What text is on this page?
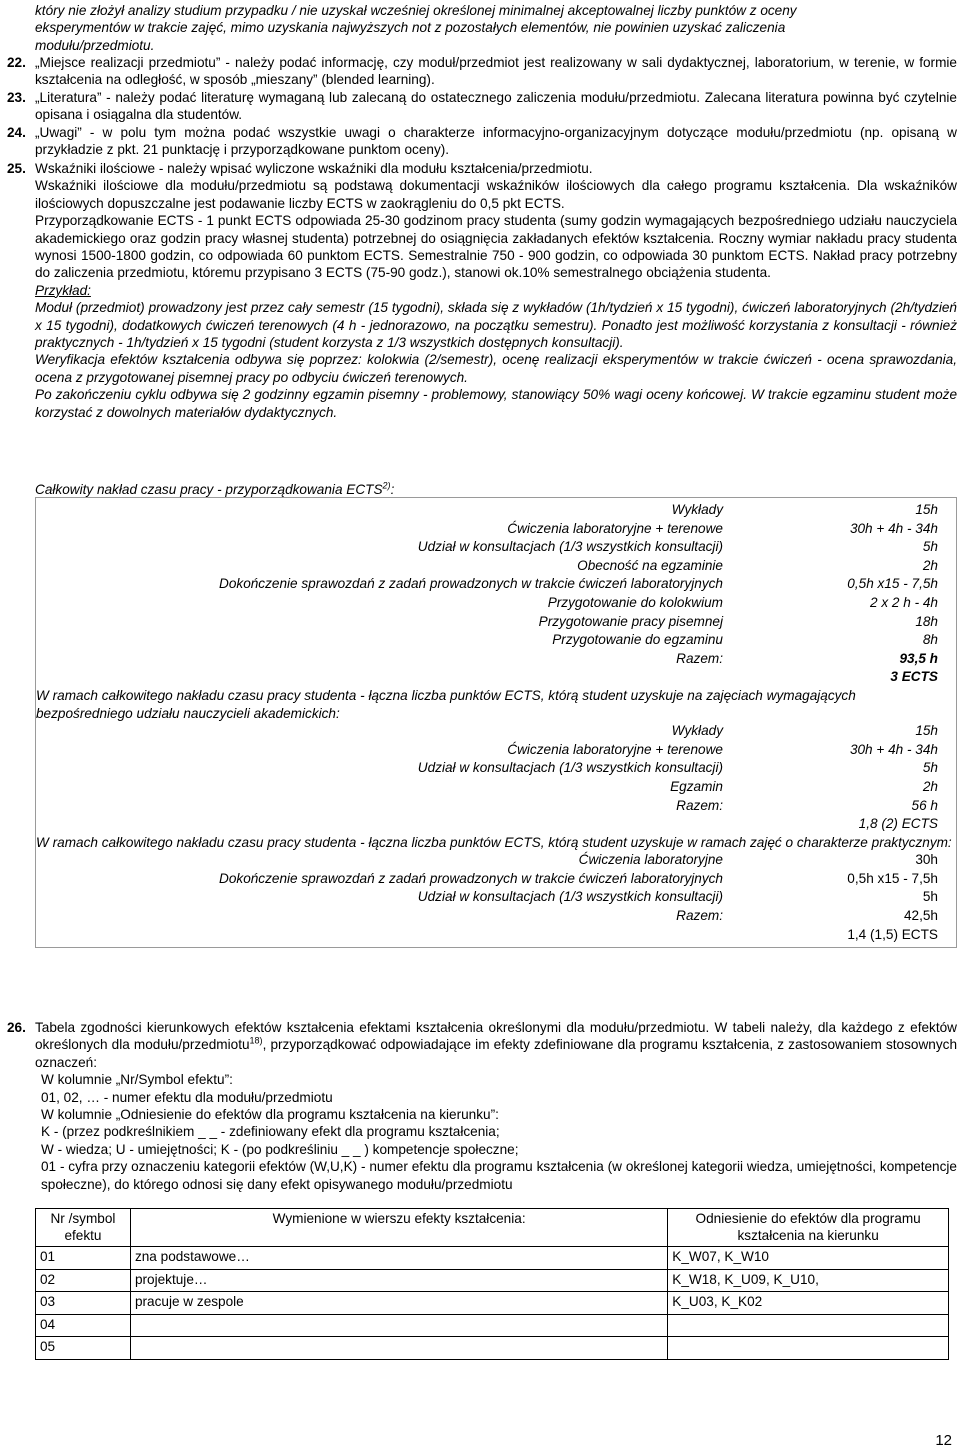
który nie złożył analizy studium przypadku / nie uzyskał wcześniej określonej minimalnej akceptowalnej liczby punktów z oceny
eksperymentów w trakcie zajęć, mimo uzyskania najwyższych not z pozostałych elementów, nie powinien uzyskać zaliczenia
modułu/przedmiotu.
22. „Miejsce realizacji przedmiotu” - należy podać informację, czy moduł/przedmiot jest realizowany w sali dydaktycznej, laboratorium, w terenie, w formie kształcenia na odległość, w sposób „mieszany” (blended learning).
23. „Literatura” - należy podać literaturę wymaganą lub zalecaną do ostatecznego zaliczenia modułu/przedmiotu. Zalecana literatura powinna być czytelnie opisana i osiągalna dla studentów.
24. „Uwagi” - w polu tym można podać wszystkie uwagi o charakterze informacyjno-organizacyjnym dotyczące modułu/przedmiotu (np. opisaną w przykładzie z pkt. 21 punktację i przyporządkowane punktom oceny).
25. Wskaźniki ilościowe - należy wpisać wyliczone wskaźniki dla modułu kształcenia/przedmiotu.
Wskaźniki ilościowe dla modułu/przedmiotu są podstawą dokumentacji wskaźników ilościowych dla całego programu kształcenia. Dla wskaźników ilościowych dopuszczalne jest podawanie liczby ECTS w zaokrągleniu do 0,5 pkt ECTS.
Przyporządkowanie ECTS - 1 punkt ECTS odpowiada 25-30 godzinom pracy studenta (sumy godzin wymagających bezpośredniego udziału nauczyciela akademickiego oraz godzin pracy własnej studenta) potrzebnej do osiągnięcia zakładanych efektów kształcenia. Roczny wymiar nakładu pracy studenta wynosi 1500-1800 godzin, co odpowiada 60 punktom ECTS. Semestralnie 750 - 900 godzin, co odpowiada 30 punktom ECTS. Nakład pracy potrzebny do zaliczenia przedmiotu, któremu przypisano 3 ECTS (75-90 godz.), stanowi ok.10% semestralnego obciążenia studenta.
Przykład:
Moduł (przedmiot) prowadzony jest przez cały semestr (15 tygodni), składa się z wykładów (1h/tydzień x 15 tygodni), ćwiczeń laboratoryjnych (2h/tydzień x 15 tygodni), dodatkowych ćwiczeń terenowych (4 h - jednorazowo, na początku semestru). Ponadto jest możliwość korzystania z konsultacji - również praktycznych - 1h/tydzień x 15 tygodni (student korzysta z 1/3 wszystkich dostępnych konsultacji).
Weryfikacja efektów kształcenia odbywa się poprzez: kolokwia (2/semestr), ocenę realizacji eksperymentów w trakcie ćwiczeń - ocena sprawozdania, ocena z przygotowanej pisemnej pracy po odbyciu ćwiczeń terenowych.
Po zakończeniu cyklu odbywa się 2 godzinny egzamin pisemny - problemowy, stanowiący 50% wagi oceny końcowej. W trakcie egzaminu student może korzystać z dowolnych materiałów dydaktycznych.
Całkowity nakład czasu pracy - przyporządkowania ECTS$^{2)}$:
Wykłady	15h
Ćwiczenia laboratoryjne + terenowe	30h + 4h - 34h
Udział w konsultacjach (1/3 wszystkich konsultacji)	5h
Obecność na egzaminie	2h
Dokończenie sprawozdań z zadań prowadzonych w trakcie ćwiczeń laboratoryjnych	0,5h x15 - 7,5h
Przygotowanie do kolokwium	2 x 2 h - 4h
Przygotowanie pracy pisemnej	18h
Przygotowanie do egzaminu	8h
Razem:	93,5 h
3 ECTS
W ramach całkowitego nakładu czasu pracy studenta - łączna liczba punktów ECTS, którą student uzyskuje na zajęciach wymagających bezpośredniego udziału nauczycieli akademickich:
Wykłady	15h
Ćwiczenia laboratoryjne + terenowe	30h + 4h - 34h
Udział w konsultacjach (1/3 wszystkich konsultacji)	5h
Egzamin	2h
Razem:	56 h
1,8 (2) ECTS
W ramach całkowitego nakładu czasu pracy studenta - łączna liczba punktów ECTS, którą student uzyskuje w ramach zajęć o charakterze praktycznym:
Ćwiczenia laboratoryjne	30h
Dokończenie sprawozdań z zadań prowadzonych w trakcie ćwiczeń laboratoryjnych	0,5h x15 - 7,5h
Udział w konsultacjach (1/3 wszystkich konsultacji)	5h
Razem:	42,5h
1,4 (1,5) ECTS
26. Tabela zgodności kierunkowych efektów kształcenia efektami kształcenia określonymi dla modułu/przedmiotu. W tabeli należy, dla każdego z efektów określonych dla modułu/przedmiotu$^{18)}$, przyporządkować odpowiadające im efekty zdefiniowane dla programu kształcenia, z zastosowaniem stosownych oznaczeń:
W kolumnie „Nr/Symbol efektu”:
01, 02, … - numer efektu dla modułu/przedmiotu
W kolumnie „Odniesienie do efektów dla programu kształcenia na kierunku”:
K - (przez podkreślnikiem _ _ - zdefiniowany efekt dla programu kształcenia;
W - wiedza; U - umiejętności; K - (po podkreśliniu _ _ ) kompetencje społeczne;
01 - cyfra przy oznaczeniu kategorii efektów (W,U,K) - numer efektu dla programu kształcenia (w określonej kategorii wiedza, umiejętności, kompetencje społeczne), do którego odnosi się dany efekt opisywanego modułu/przedmiotu
Nr /symbol efektu	Wymienione w wierszu efekty kształcenia:	Odniesienie do efektów dla programu kształcenia na kierunku
01	zna podstawowe…	K_W07, K_W10
02	projektuje…	K_W18, K_U09, K_U10,
03	pracuje w zespole	K_U03, K_K02
04		
05		
12
